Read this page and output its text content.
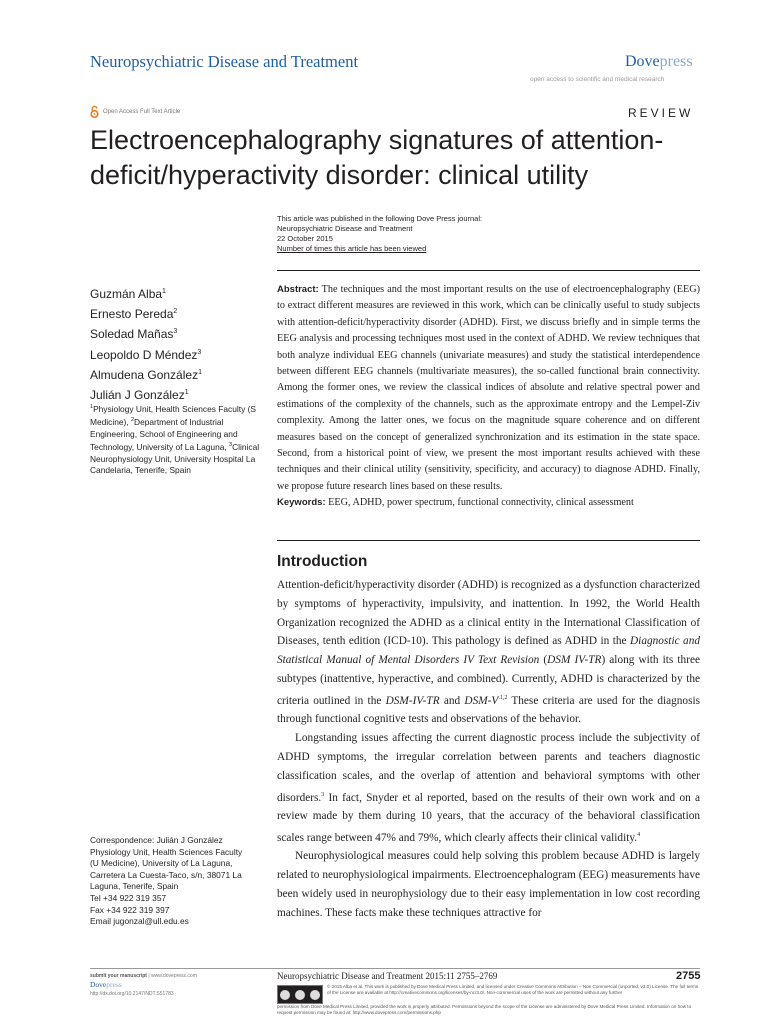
Neuropsychiatric Disease and Treatment	Dovepress
open access to scientific and medical research
Open Access Full Text Article	REVIEW
Electroencephalography signatures of attention-deficit/hyperactivity disorder: clinical utility
This article was published in the following Dove Press journal:
Neuropsychiatric Disease and Treatment
22 October 2015
Number of times this article has been viewed
Guzmán Alba$^1$
Ernesto Pereda$^2$
Soledad Mañas$^3$
Leopoldo D Méndez$^3$
Almudena González$^1$
Julián J González$^1$
$^1$Physiology Unit, Health Sciences Faculty (S Medicine), $^2$Department of Industrial Engineering, School of Engineering and Technology, University of La Laguna, $^3$Clinical Neurophysiology Unit, University Hospital La Candelaria, Tenerife, Spain
Abstract: The techniques and the most important results on the use of electroencephalography (EEG) to extract different measures are reviewed in this work, which can be clinically useful to study subjects with attention-deficit/hyperactivity disorder (ADHD). First, we discuss briefly and in simple terms the EEG analysis and processing techniques most used in the context of ADHD. We review techniques that both analyze individual EEG channels (univariate measures) and study the statistical interdependence between different EEG channels (multivariate measures), the so-called functional brain connectivity. Among the former ones, we review the classical indices of absolute and relative spectral power and estimations of the complexity of the channels, such as the approximate entropy and the Lempel-Ziv complexity. Among the latter ones, we focus on the magnitude square coherence and on different measures based on the concept of generalized synchronization and its estimation in the state space. Second, from a historical point of view, we present the most important results achieved with these techniques and their clinical utility (sensitivity, specificity, and accuracy) to diagnose ADHD. Finally, we propose future research lines based on these results.
Keywords: EEG, ADHD, power spectrum, functional connectivity, clinical assessment
Introduction

Attention-deficit/hyperactivity disorder (ADHD) is recognized as a dysfunction characterized by symptoms of hyperactivity, impulsivity, and inattention. In 1992, the World Health Organization recognized the ADHD as a clinical entity in the International Classification of Diseases, tenth edition (ICD-10). This pathology is defined as ADHD in the Diagnostic and Statistical Manual of Mental Disorders IV Text Revision (DSM IV-TR) along with its three subtypes (inattentive, hyperactive, and combined). Currently, ADHD is characterized by the criteria outlined in the DSM-IV-TR and DSM-$V^{.1,2}$ These criteria are used for the diagnosis through functional cognitive tests and observations of the behavior.

Longstanding issues affecting the current diagnostic process include the subjectivity of ADHD symptoms, the irregular correlation between parents and teachers diagnostic classification scales, and the overlap of attention and behavioral symptoms with other disorders.$^3$ In fact, Snyder et al reported, based on the results of their own work and on a review made by them during 10 years, that the accuracy of the behavioral classification scales range between 47% and 79%, which clearly affects their clinical validity.$^4$

Neurophysiological measures could help solving this problem because ADHD is largely related to neurophysiological impairments. Electroencephalogram (EEG) measurements have been widely used in neurophysiology due to their easy implementation in low cost recording machines. These facts make these techniques attractive for

Correspondence: Julián J González
Physiology Unit, Health Sciences Faculty
(U Medicine), University of La Laguna,
Carretera La Cuesta-Taco, s/n, 38071 La
Laguna, Tenerife, Spain
Tel +34 922 319 357
Fax +34 922 319 397
Email jugonzal@ull.edu.es
submit your manuscript | www.dovepress.com
Dovepress
http://dx.doi.org/10.2147/NDT.S51783
Neuropsychiatric Disease and Treatment 2015:11 2755–2769	2755
© 2015 Alba et al. This work is published by Dove Medical Press Limited, and licensed under Creative Commons Attribution – Non Commercial (unported, v3.0) License. The full terms of the License are available at http://creativecommons.org/licenses/by-nc/3.0/. Non-commercial uses of the work are permitted without any further
permission from Dove Medical Press Limited, provided the work is properly attributed. Permissions beyond the scope of the License are administered by Dove Medical Press Limited. Information on how to request permission may be found at: http://www.dovepress.com/permissions.php
